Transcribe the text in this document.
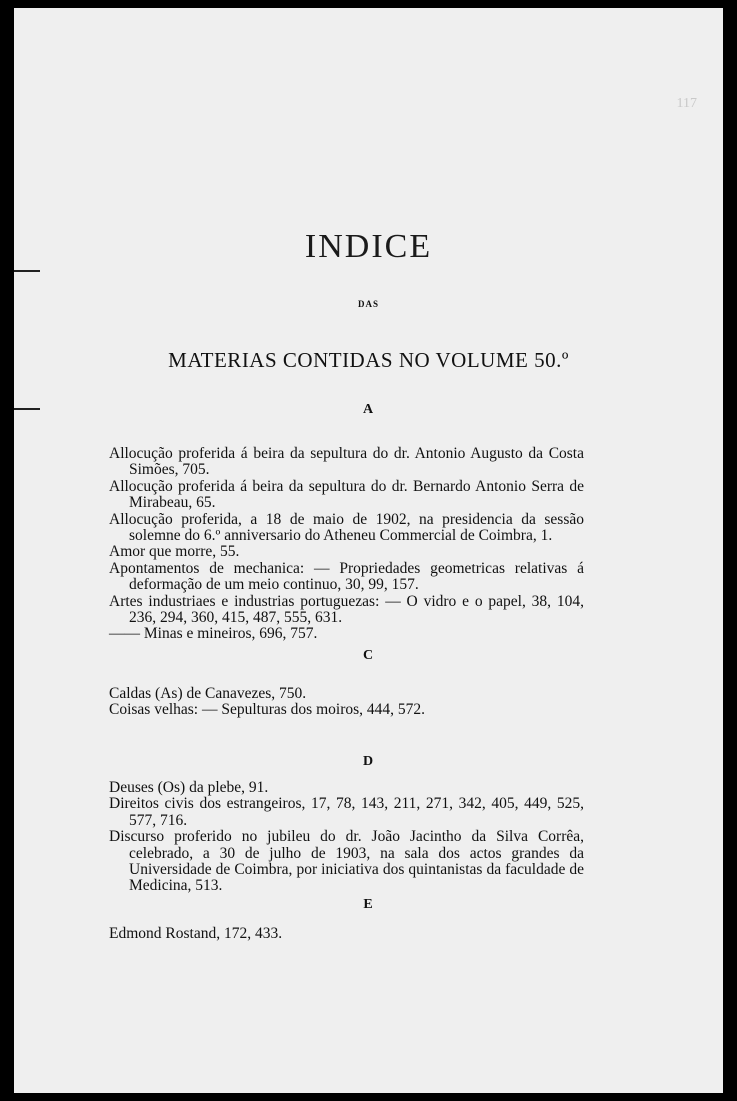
117
INDICE
DAS
MATERIAS CONTIDAS NO VOLUME 50.º
A
Allocução proferida á beira da sepultura do dr. Antonio Augusto da Costa Simões, 705.
Allocução proferida á beira da sepultura do dr. Bernardo Antonio Serra de Mirabeau, 65.
Allocução proferida, a 18 de maio de 1902, na presidencia da sessão solemne do 6.º anniversario do Atheneu Commercial de Coimbra, 1.
Amor que morre, 55.
Apontamentos de mechanica: — Propriedades geometricas relativas á deformação de um meio continuo, 30, 99, 157.
Artes industriaes e industrias portuguezas: — O vidro e o papel, 38, 104, 236, 294, 360, 415, 487, 555, 631.
—— Minas e mineiros, 696, 757.
C
Caldas (As) de Canavezes, 750.
Coisas velhas: — Sepulturas dos moiros, 444, 572.
D
Deuses (Os) da plebe, 91.
Direitos civis dos estrangeiros, 17, 78, 143, 211, 271, 342, 405, 449, 525, 577, 716.
Discurso proferido no jubileu do dr. João Jacintho da Silva Corrêa, celebrado, a 30 de julho de 1903, na sala dos actos grandes da Universidade de Coimbra, por iniciativa dos quintanistas da faculdade de Medicina, 513.
E
Edmond Rostand, 172, 433.
